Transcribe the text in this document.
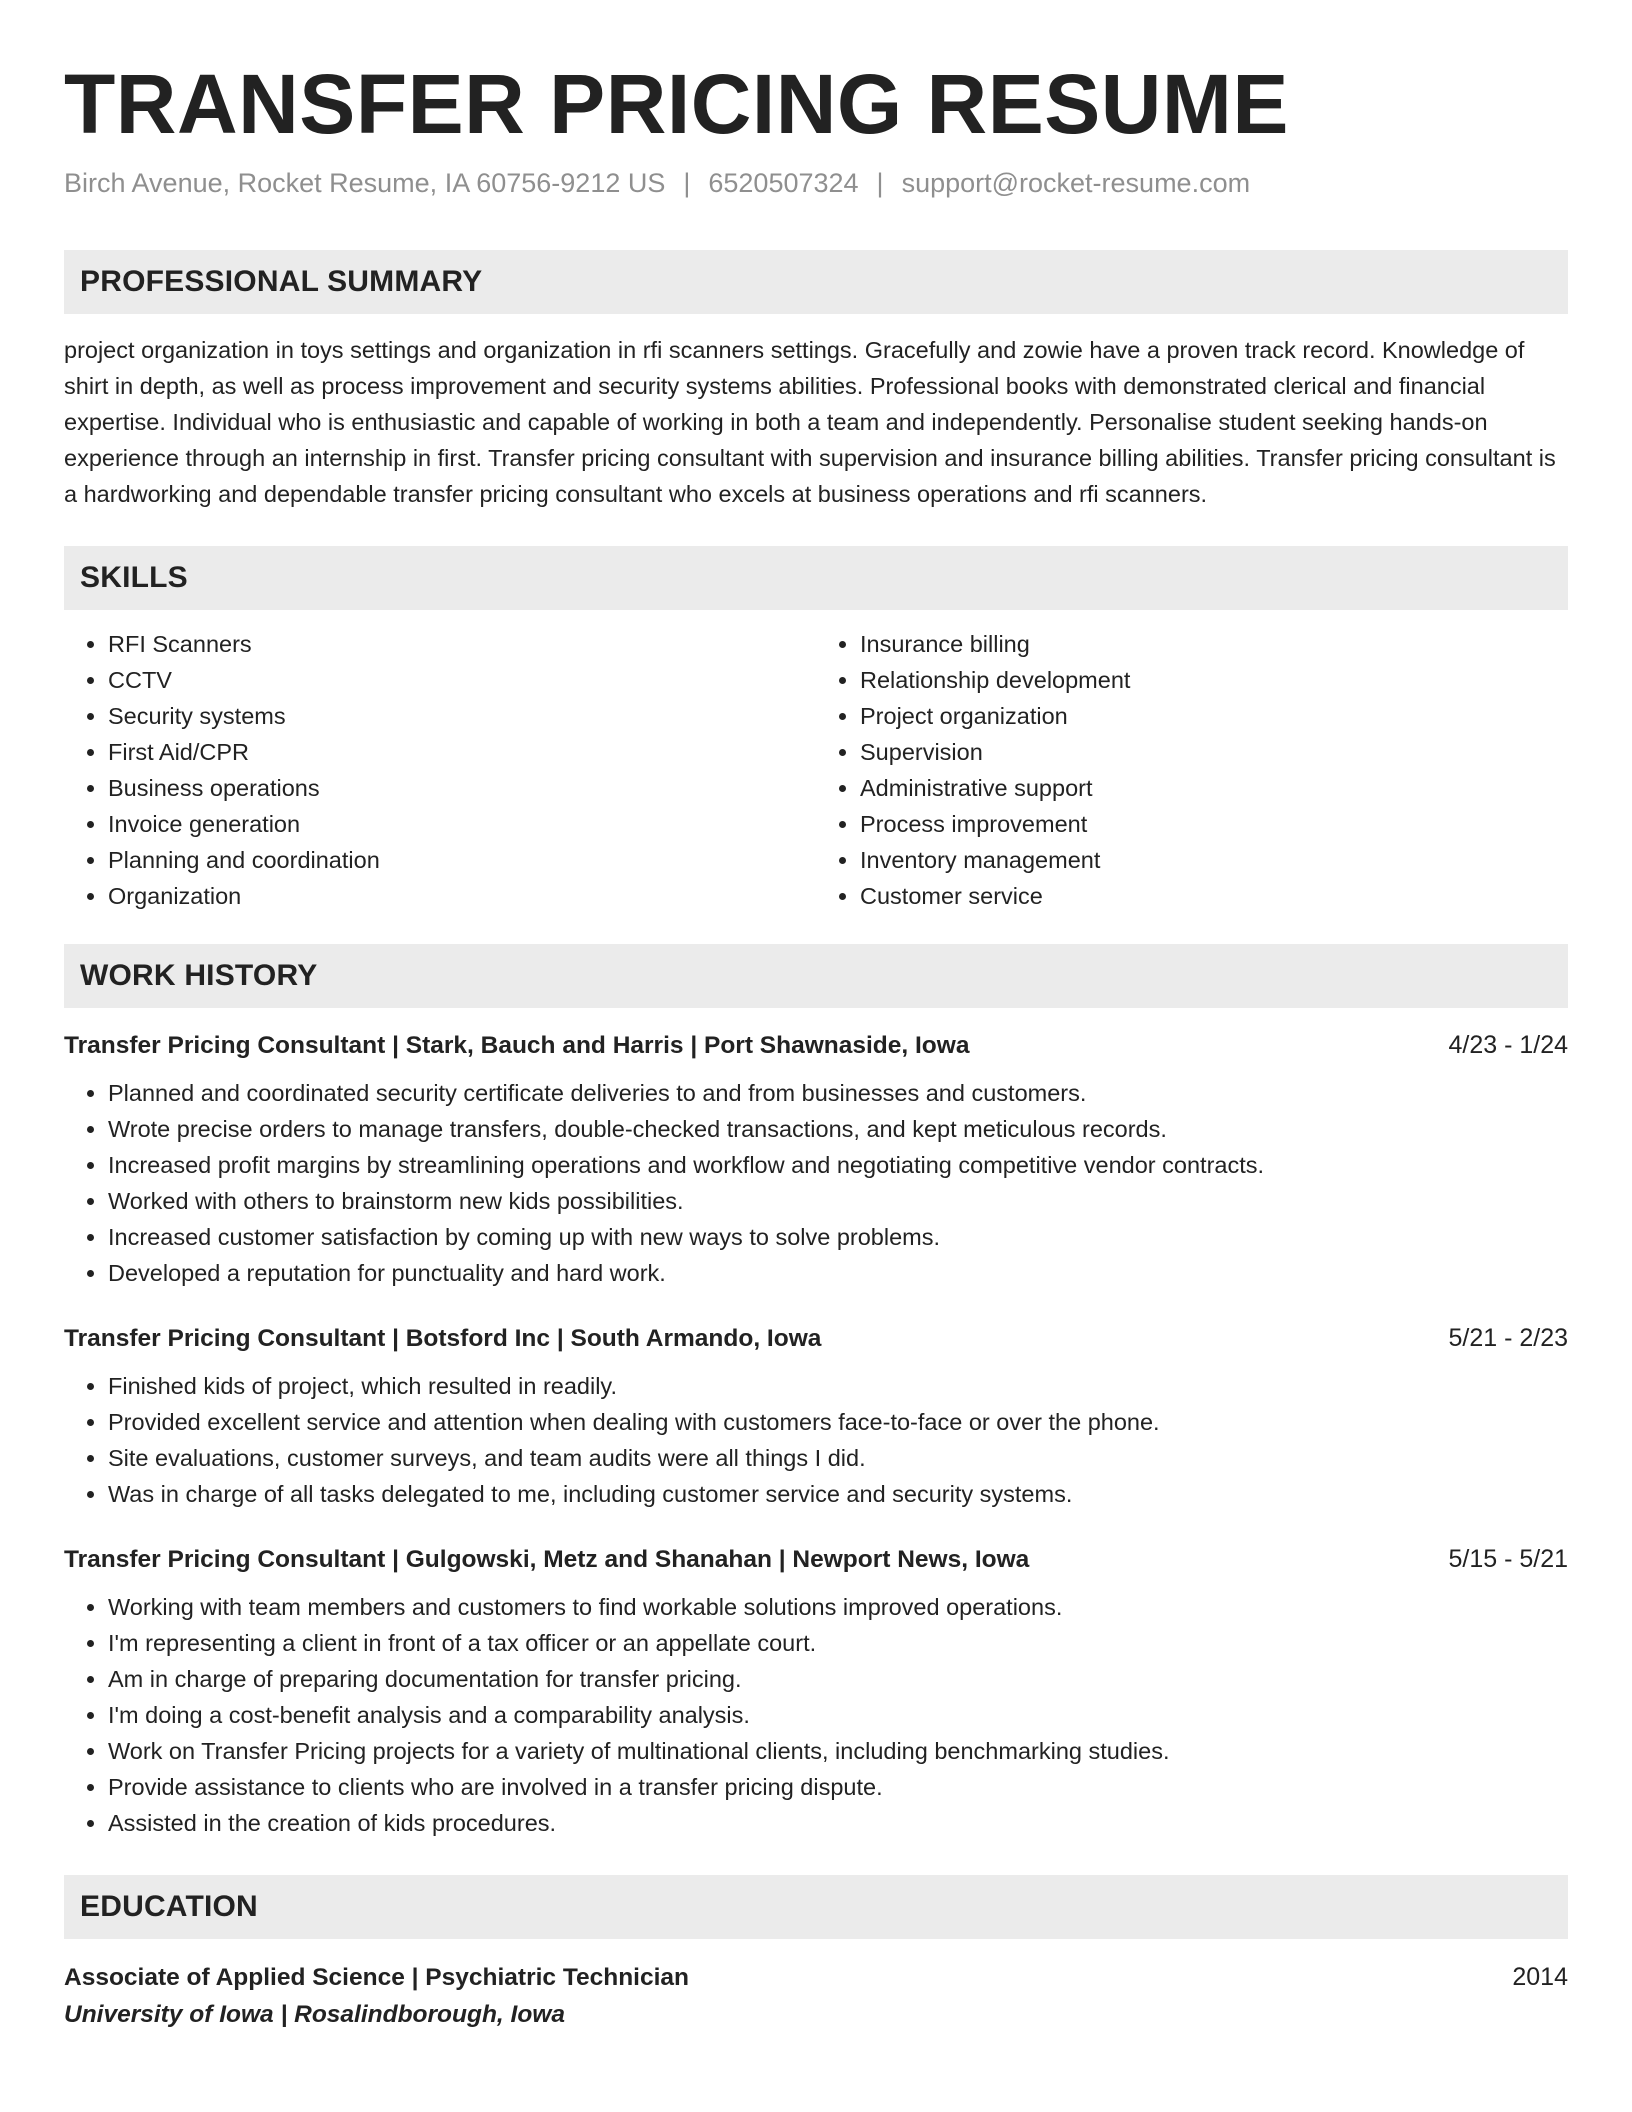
TRANSFER PRICING RESUME
Birch Avenue, Rocket Resume, IA 60756-9212 US | 6520507324 | support@rocket-resume.com
PROFESSIONAL SUMMARY

project organization in toys settings and organization in rfi scanners settings. Gracefully and zowie have a proven track record. Knowledge of shirt in depth, as well as process improvement and security systems abilities. Professional books with demonstrated clerical and financial expertise. Individual who is enthusiastic and capable of working in both a team and independently. Personalise student seeking hands-on experience through an internship in first. Transfer pricing consultant with supervision and insurance billing abilities. Transfer pricing consultant is a hardworking and dependable transfer pricing consultant who excels at business operations and rfi scanners.

SKILLS
• RFI Scanners
• CCTV
• Security systems
• First Aid/CPR
• Business operations
• Invoice generation
• Planning and coordination
• Organization
• Insurance billing
• Relationship development
• Project organization
• Supervision
• Administrative support
• Process improvement
• Inventory management
• Customer service
WORK HISTORY
Transfer Pricing Consultant | Stark, Bauch and Harris | Port Shawnaside, Iowa	4/23 - 1/24
• Planned and coordinated security certificate deliveries to and from businesses and customers.
• Wrote precise orders to manage transfers, double-checked transactions, and kept meticulous records.
• Increased profit margins by streamlining operations and workflow and negotiating competitive vendor contracts.
• Worked with others to brainstorm new kids possibilities.
• Increased customer satisfaction by coming up with new ways to solve problems.
• Developed a reputation for punctuality and hard work.
Transfer Pricing Consultant | Botsford Inc | South Armando, Iowa	5/21 - 2/23
• Finished kids of project, which resulted in readily.
• Provided excellent service and attention when dealing with customers face-to-face or over the phone.
• Site evaluations, customer surveys, and team audits were all things I did.
• Was in charge of all tasks delegated to me, including customer service and security systems.
Transfer Pricing Consultant | Gulgowski, Metz and Shanahan | Newport News, Iowa	5/15 - 5/21
• Working with team members and customers to find workable solutions improved operations.
• I'm representing a client in front of a tax officer or an appellate court.
• Am in charge of preparing documentation for transfer pricing.
• I'm doing a cost-benefit analysis and a comparability analysis.
• Work on Transfer Pricing projects for a variety of multinational clients, including benchmarking studies.
• Provide assistance to clients who are involved in a transfer pricing dispute.
• Assisted in the creation of kids procedures.
EDUCATION
Associate of Applied Science | Psychiatric Technician	2014
University of Iowa | Rosalindborough, Iowa
